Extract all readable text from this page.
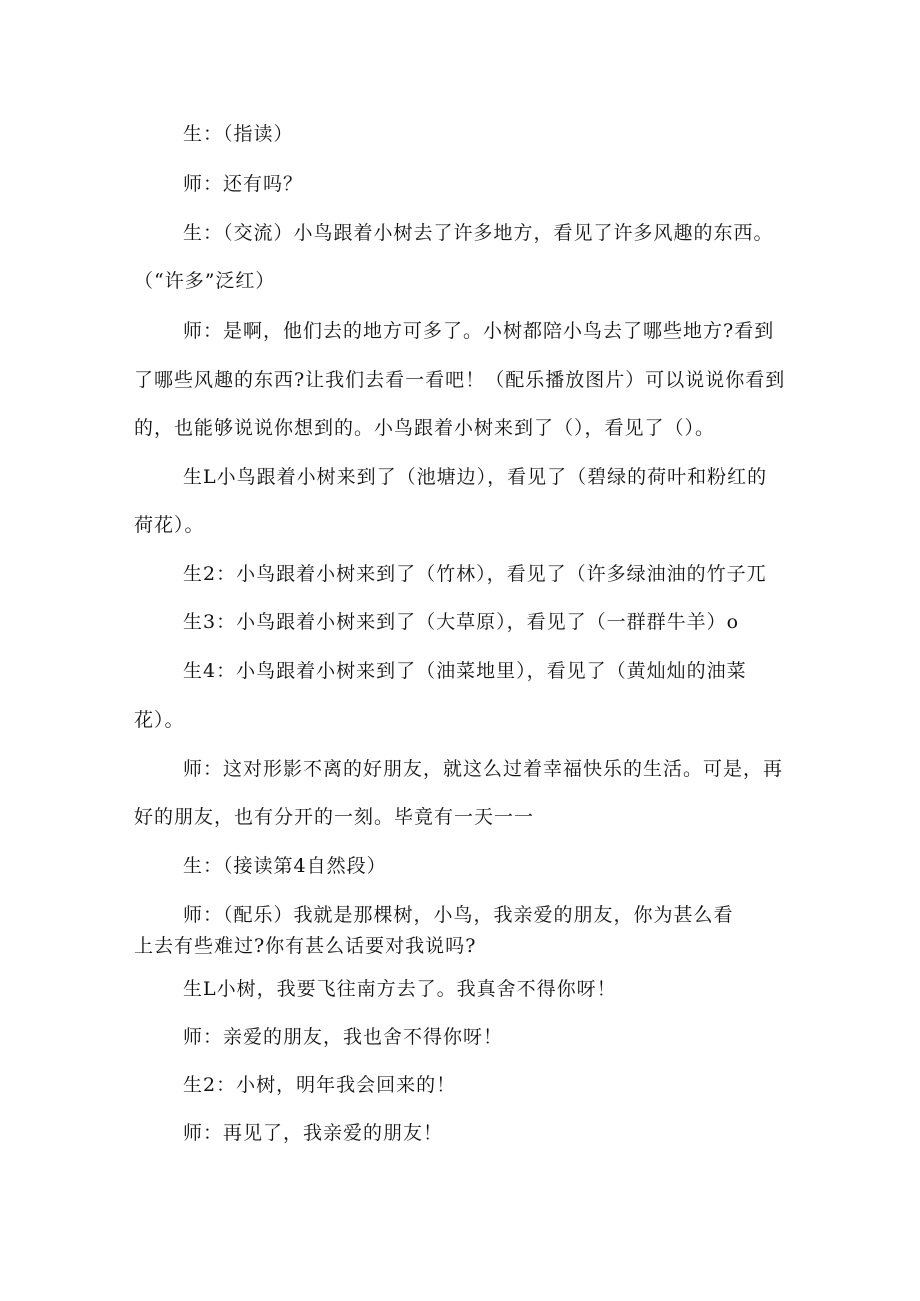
生：（指读）
师：还有吗？
生：（交流）小鸟跟着小树去了许多地方，看见了许多风趣的东西。
（“许多”泛红）
师：是啊，他们去的地方可多了。小树都陪小鸟去了哪些地方?看到
了哪些风趣的东西?让我们去看一看吧！（配乐播放图片）可以说说你看到
的，也能够说说你想到的。小鸟跟着小树来到了（），看见了（）。
生L小鸟跟着小树来到了（池塘边），看见了（碧绿的荷叶和粉红的
荷花）。
生2：小鸟跟着小树来到了（竹林），看见了（许多绿油油的竹子兀
生3：小鸟跟着小树来到了（大草原），看见了（一群群牛羊）o
生4：小鸟跟着小树来到了（油菜地里），看见了（黄灿灿的油菜
花）。
师：这对形影不离的好朋友，就这么过着幸福快乐的生活。可是，再
好的朋友，也有分开的一刻。毕竟有一天一一
生：（接读第4自然段）
师：（配乐）我就是那棵树，小鸟，我亲爱的朋友，你为甚么看
上去有些难过?你有甚么话要对我说吗?
生L小树，我要飞往南方去了。我真舍不得你呀！
师：亲爱的朋友，我也舍不得你呀！
生2：小树，明年我会回来的！
师：再见了，我亲爱的朋友！
